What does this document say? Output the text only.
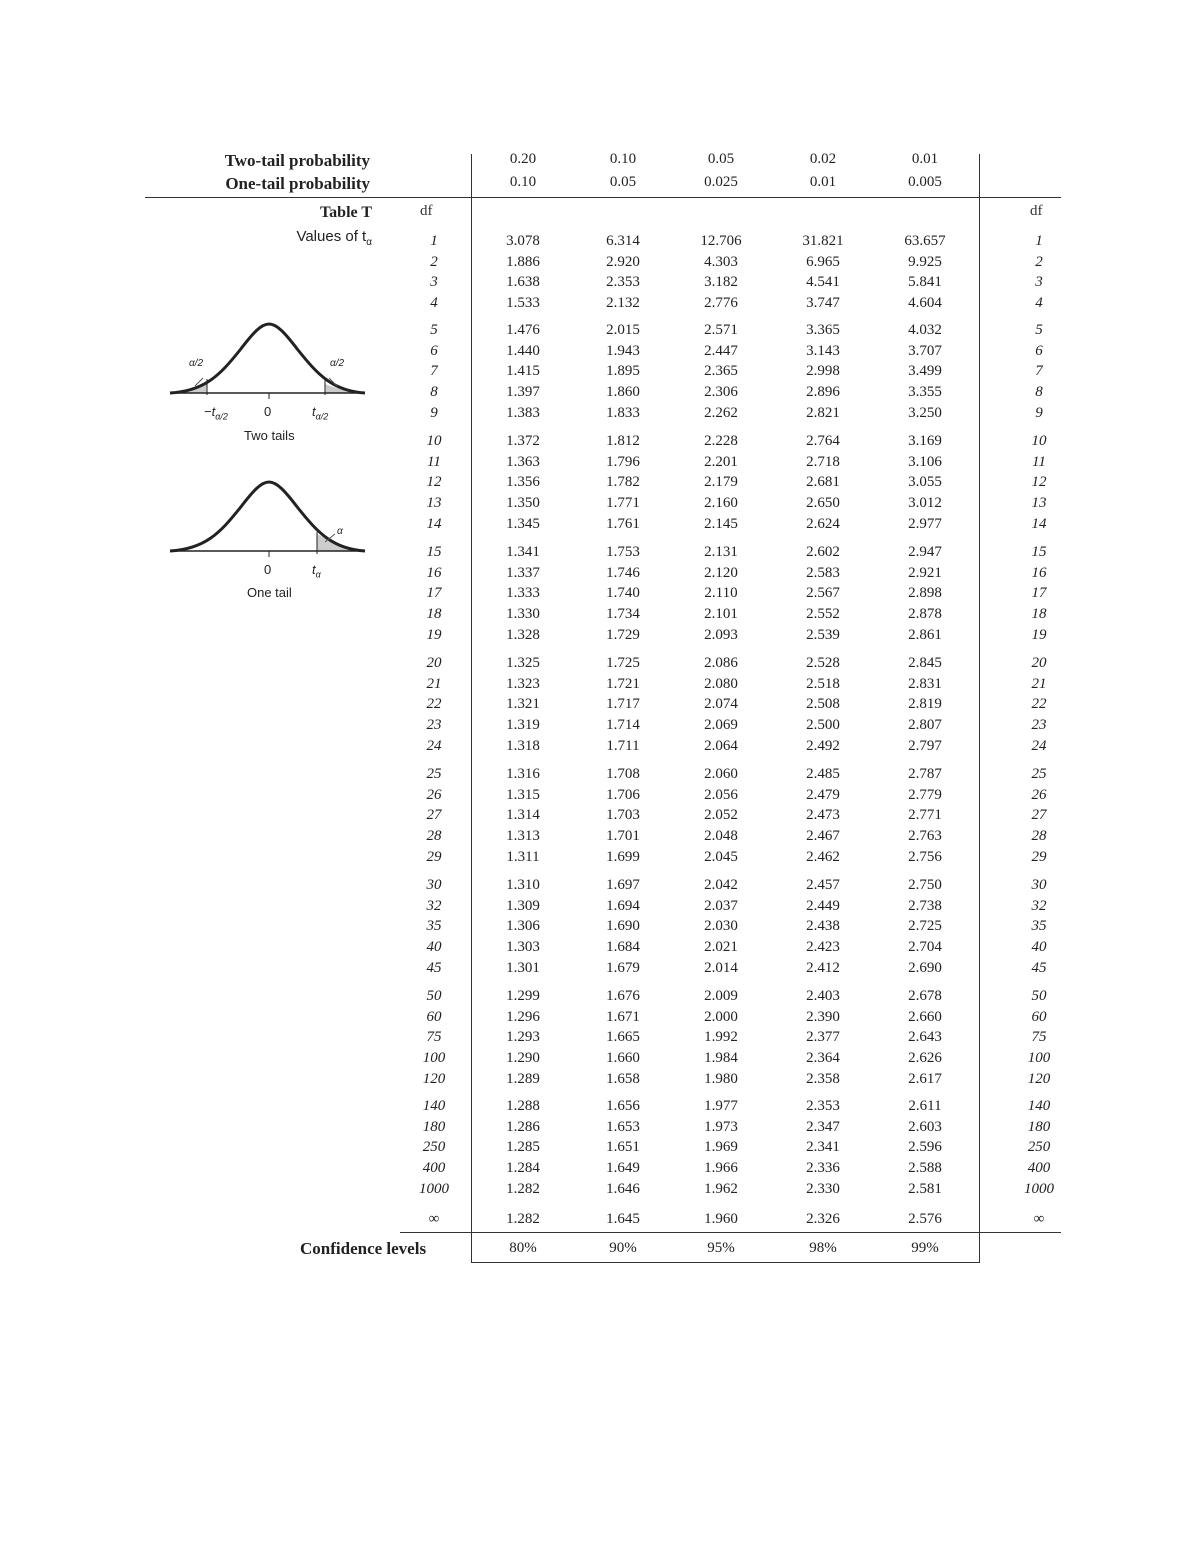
Two-tail probability
One-tail probability
0.20	0.10	0.05	0.02	0.01
0.10	0.05	0.025	0.01	0.005
Table T
Values of $t_\alpha$
df	df
α/2	α/2
$-t_{\alpha/2}$	0	$t_{\alpha/2}$
Two tails
α
0	$t_\alpha$
One tail
1	3.078	6.314	12.706	31.821	63.657	1
2	1.886	2.920	4.303	6.965	9.925	2
3	1.638	2.353	3.182	4.541	5.841	3
4	1.533	2.132	2.776	3.747	4.604	4
5	1.476	2.015	2.571	3.365	4.032	5
6	1.440	1.943	2.447	3.143	3.707	6
7	1.415	1.895	2.365	2.998	3.499	7
8	1.397	1.860	2.306	2.896	3.355	8
9	1.383	1.833	2.262	2.821	3.250	9
10	1.372	1.812	2.228	2.764	3.169	10
11	1.363	1.796	2.201	2.718	3.106	11
12	1.356	1.782	2.179	2.681	3.055	12
13	1.350	1.771	2.160	2.650	3.012	13
14	1.345	1.761	2.145	2.624	2.977	14
15	1.341	1.753	2.131	2.602	2.947	15
16	1.337	1.746	2.120	2.583	2.921	16
17	1.333	1.740	2.110	2.567	2.898	17
18	1.330	1.734	2.101	2.552	2.878	18
19	1.328	1.729	2.093	2.539	2.861	19
20	1.325	1.725	2.086	2.528	2.845	20
21	1.323	1.721	2.080	2.518	2.831	21
22	1.321	1.717	2.074	2.508	2.819	22
23	1.319	1.714	2.069	2.500	2.807	23
24	1.318	1.711	2.064	2.492	2.797	24
25	1.316	1.708	2.060	2.485	2.787	25
26	1.315	1.706	2.056	2.479	2.779	26
27	1.314	1.703	2.052	2.473	2.771	27
28	1.313	1.701	2.048	2.467	2.763	28
29	1.311	1.699	2.045	2.462	2.756	29
30	1.310	1.697	2.042	2.457	2.750	30
32	1.309	1.694	2.037	2.449	2.738	32
35	1.306	1.690	2.030	2.438	2.725	35
40	1.303	1.684	2.021	2.423	2.704	40
45	1.301	1.679	2.014	2.412	2.690	45
50	1.299	1.676	2.009	2.403	2.678	50
60	1.296	1.671	2.000	2.390	2.660	60
75	1.293	1.665	1.992	2.377	2.643	75
100	1.290	1.660	1.984	2.364	2.626	100
120	1.289	1.658	1.980	2.358	2.617	120
140	1.288	1.656	1.977	2.353	2.611	140
180	1.286	1.653	1.973	2.347	2.603	180
250	1.285	1.651	1.969	2.341	2.596	250
400	1.284	1.649	1.966	2.336	2.588	400
1000	1.282	1.646	1.962	2.330	2.581	1000
∞	1.282	1.645	1.960	2.326	2.576	∞
Confidence levels	80%	90%	95%	98%	99%
